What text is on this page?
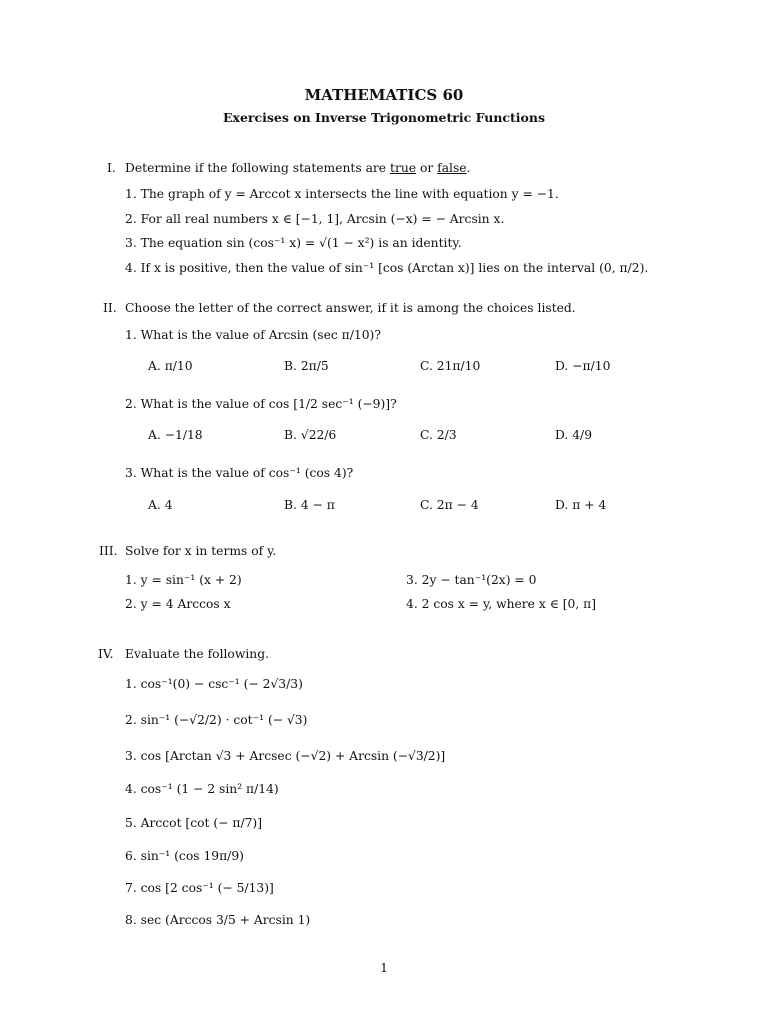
MATHEMATICS 60
Exercises on Inverse Trigonometric Functions
I. Determine if the following statements are true or false.
1. The graph of y = Arccot x intersects the line with equation y = −1.
2. For all real numbers x ∈ [−1, 1], Arcsin (−x) = − Arcsin x.
3. The equation sin (cos⁻¹ x) = √(1 − x²) is an identity.
4. If x is positive, then the value of sin⁻¹ [cos (Arctan x)] lies on the interval (0, π/2).
II. Choose the letter of the correct answer, if it is among the choices listed.
1. What is the value of Arcsin (sec π/10)?
A. π/10	B. 2π/5	C. 21π/10	D. −π/10
2. What is the value of cos [1/2 sec⁻¹ (−9)]?
A. −1/18	B. √22/6	C. 2/3	D. 4/9
3. What is the value of cos⁻¹ (cos 4)?
A. 4	B. 4 − π	C. 2π − 4	D. π + 4
III. Solve for x in terms of y.
1. y = sin⁻¹ (x + 2)
2. y = 4 Arccos x
3. 2y − tan⁻¹(2x) = 0
4. 2 cos x = y, where x ∈ [0, π]
IV. Evaluate the following.
1. cos⁻¹(0) − csc⁻¹ (− 2√3/3)
2. sin⁻¹ (−√2/2) · cot⁻¹ (− √3)
3. cos [Arctan √3 + Arcsec (−√2) + Arcsin (−√3/2)]
4. cos⁻¹ (1 − 2 sin² π/14)
5. Arccot [cot (− π/7)]
6. sin⁻¹ (cos 19π/9)
7. cos [2 cos⁻¹ (− 5/13)]
8. sec (Arccos 3/5 + Arcsin 1)
1
